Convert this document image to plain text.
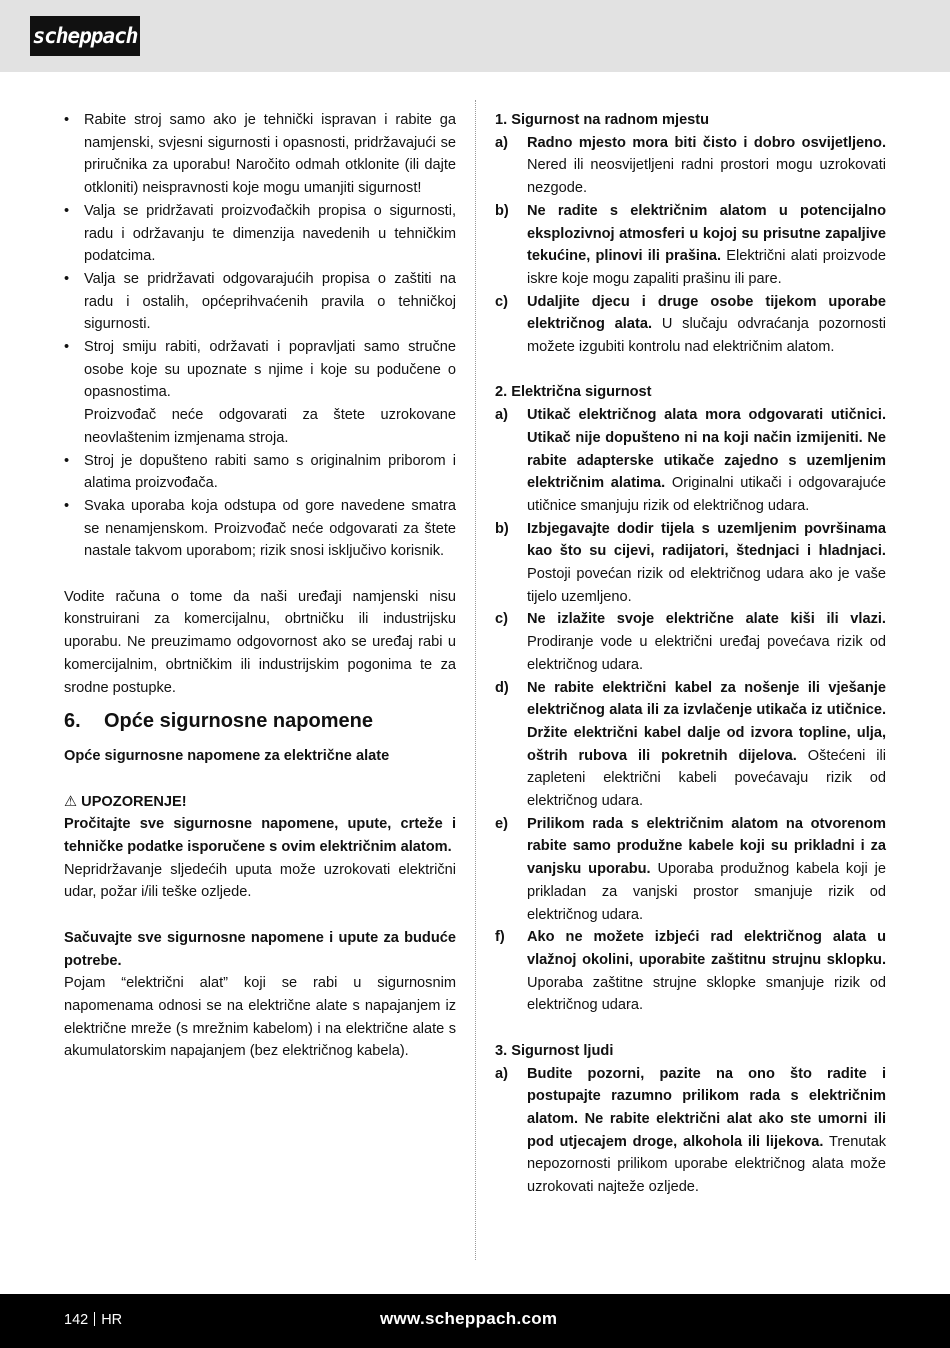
scheppach
• Rabite stroj samo ako je tehnički ispravan i rabite ga namjenski, svjesni sigurnosti i opasnosti, pridržavajući se priručnika za uporabu! Naročito odmah otklonite (ili dajte otkloniti) neispravnosti koje mogu umanjiti sigurnost!
• Valja se pridržavati proizvođačkih propisa o sigurnosti, radu i održavanju te dimenzija navedenih u tehničkim podatcima.
• Valja se pridržavati odgovarajućih propisa o zaštiti na radu i ostalih, općeprihvaćenih pravila o tehničkoj sigurnosti.
• Stroj smiju rabiti, održavati i popravljati samo stručne osobe koje su upoznate s njime i koje su podučene o opasnostima.

Proizvođač neće odgovarati za štete uzrokovane neovlaštenim izmjenama stroja.

• Stroj je dopušteno rabiti samo s originalnim priborom i alatima proizvođača.
• Svaka uporaba koja odstupa od gore navedene smatra se nenamjenskom. Proizvođač neće odgovarati za štete nastale takvom uporabom; rizik snosi isključivo korisnik.

Vodite računa o tome da naši uređaji namjenski nisu konstruirani za komercijalnu, obrtničku ili industrijsku uporabu. Ne preuzimamo odgovornost ako se uređaj rabi u komercijalnim, obrtničkim ili industrijskim pogonima te za srodne postupke.

6. Opće sigurnosne napomene

Opće sigurnosne napomene za električne alate

⚠ UPOZORENJE!

Pročitajte sve sigurnosne napomene, upute, crteže i tehničke podatke isporučene s ovim električnim alatom.

Nepridržavanje sljedećih uputa može uzrokovati električni udar, požar i/ili teške ozljede.

Sačuvajte sve sigurnosne napomene i upute za buduće potrebe.

Pojam “električni alat” koji se rabi u sigurnosnim napomenama odnosi se na električne alate s napajanjem iz električne mreže (s mrežnim kabelom) i na električne alate s akumulatorskim napajanjem (bez električnog kabela).

1. Sigurnost na radnom mjestu

a) Radno mjesto mora biti čisto i dobro osvijetljeno. Nered ili neosvijetljeni radni prostori mogu uzrokovati nezgode.
b) Ne radite s električnim alatom u potencijalno eksplozivnoj atmosferi u kojoj su prisutne zapaljive tekućine, plinovi ili prašina. Električni alati proizvode iskre koje mogu zapaliti prašinu ili pare.
c) Udaljite djecu i druge osobe tijekom uporabe električnog alata. U slučaju odvraćanja pozornosti možete izgubiti kontrolu nad električnim alatom.

2. Električna sigurnost

a) Utikač električnog alata mora odgovarati utičnici. Utikač nije dopušteno ni na koji način izmijeniti. Ne rabite adapterske utikače zajedno s uzemljenim električnim alatima. Originalni utikači i odgovarajuće utičnice smanjuju rizik od električnog udara.
b) Izbjegavajte dodir tijela s uzemljenim površinama kao što su cijevi, radijatori, štednjaci i hladnjaci. Postoji povećan rizik od električnog udara ako je vaše tijelo uzemljeno.
c) Ne izlažite svoje električne alate kiši ili vlazi. Prodiranje vode u električni uređaj povećava rizik od električnog udara.
d) Ne rabite električni kabel za nošenje ili vješanje električnog alata ili za izvlačenje utikača iz utičnice. Držite električni kabel dalje od izvora topline, ulja, oštrih rubova ili pokretnih dijelova. Oštećeni ili zapleteni električni kabeli povećavaju rizik od električnog udara.
e) Prilikom rada s električnim alatom na otvorenom rabite samo produžne kabele koji su prikladni i za vanjsku uporabu. Uporaba produžnog kabela koji je prikladan za vanjski prostor smanjuje rizik od električnog udara.
f) Ako ne možete izbjeći rad električnog alata u vlažnoj okolini, uporabite zaštitnu strujnu sklopku. Uporaba zaštitne strujne sklopke smanjuje rizik od električnog udara.

3. Sigurnost ljudi

a) Budite pozorni, pazite na ono što radite i postupajte razumno prilikom rada s električnim alatom. Ne rabite električni alat ako ste umorni ili pod utjecajem droge, alkohola ili lijekova. Trenutak nepozornosti prilikom uporabe električnog alata može uzrokovati najteže ozljede.
142 HR	www.scheppach.com
